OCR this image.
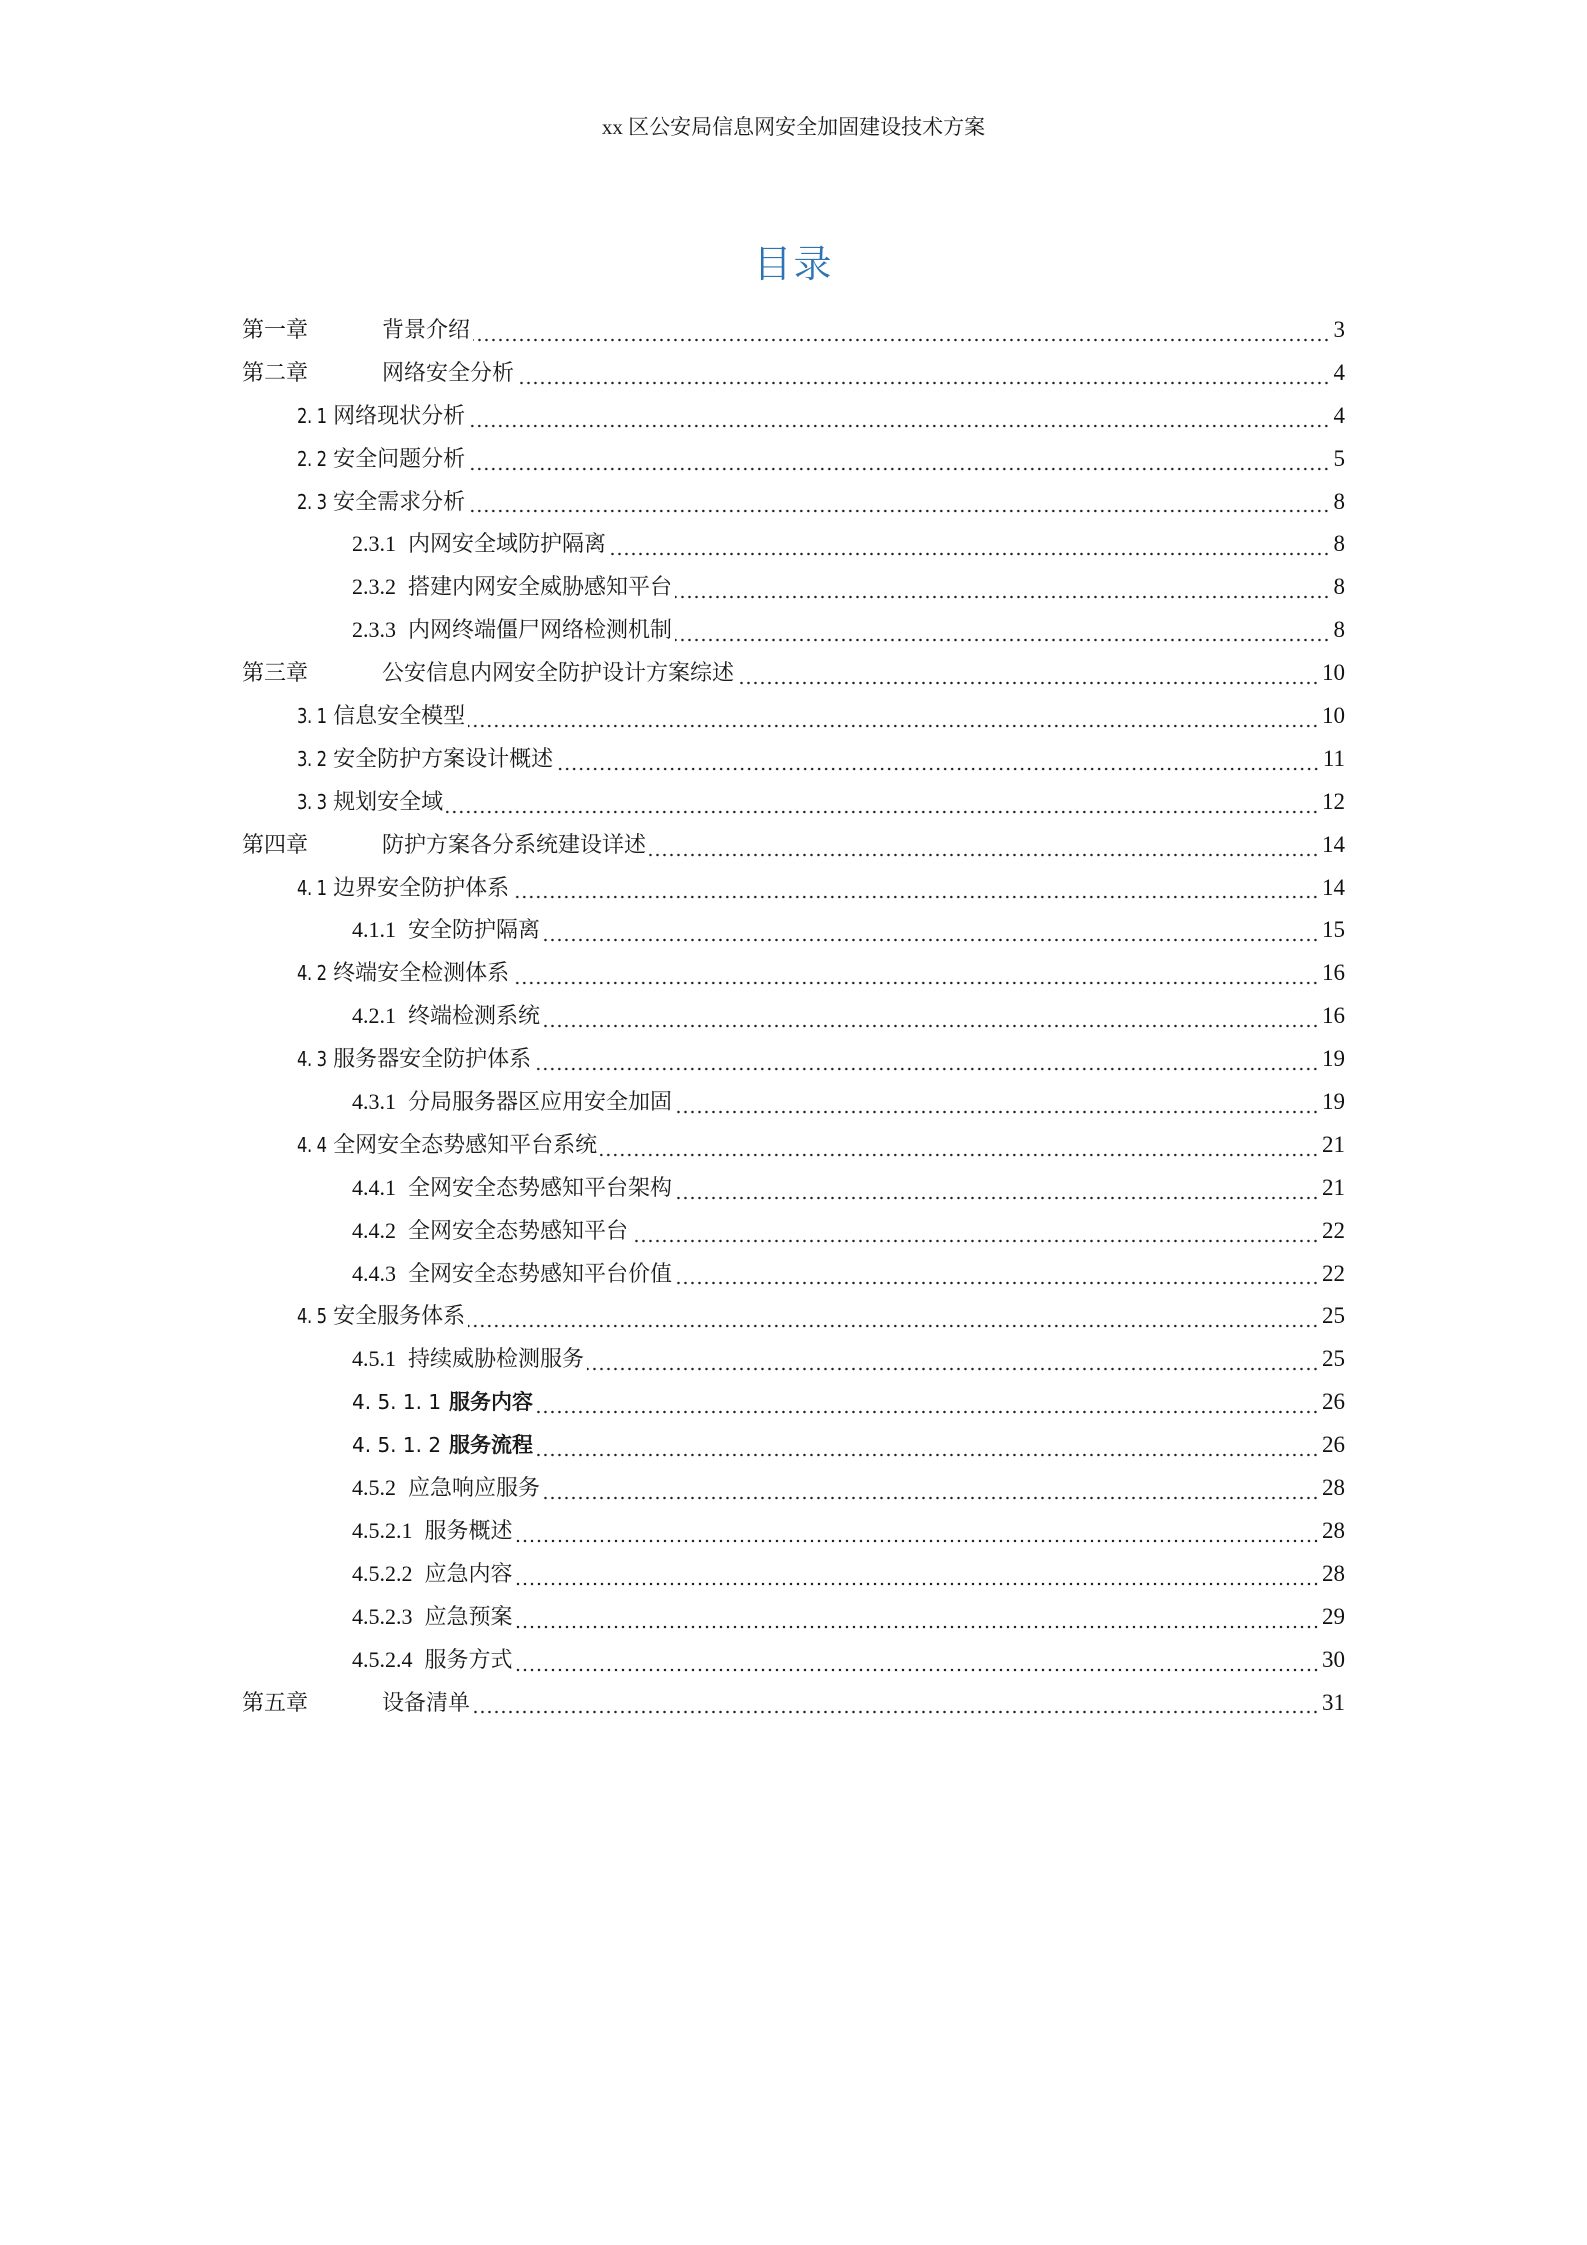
xx 区公安局信息网安全加固建设技术方案
目录
第一章	背景介绍	3
第二章	网络安全分析	4
2. 1 网络现状分析	4
2. 2 安全问题分析	5
2. 3 安全需求分析	8
2.3.1 内网安全域防护隔离	8
2.3.2 搭建内网安全威胁感知平台	8
2.3.3 内网终端僵尸网络检测机制	8
第三章	公安信息内网安全防护设计方案综述	10
3. 1 信息安全模型	10
3. 2 安全防护方案设计概述	11
3. 3 规划安全域	12
第四章	防护方案各分系统建设详述	14
4. 1 边界安全防护体系	14
4.1.1 安全防护隔离	15
4. 2 终端安全检测体系	16
4.2.1 终端检测系统	16
4. 3 服务器安全防护体系	19
4.3.1 分局服务器区应用安全加固	19
4. 4 全网安全态势感知平台系统	21
4.4.1 全网安全态势感知平台架构	21
4.4.2 全网安全态势感知平台	22
4.4.3 全网安全态势感知平台价值	22
4. 5 安全服务体系	25
4.5.1 持续威胁检测服务	25
4. 5. 1. 1 服务内容	26
4. 5. 1. 2 服务流程	26
4.5.2 应急响应服务	28
4.5.2.1 服务概述	28
4.5.2.2 应急内容	28
4.5.2.3 应急预案	29
4.5.2.4 服务方式	30
第五章	设备清单	31
